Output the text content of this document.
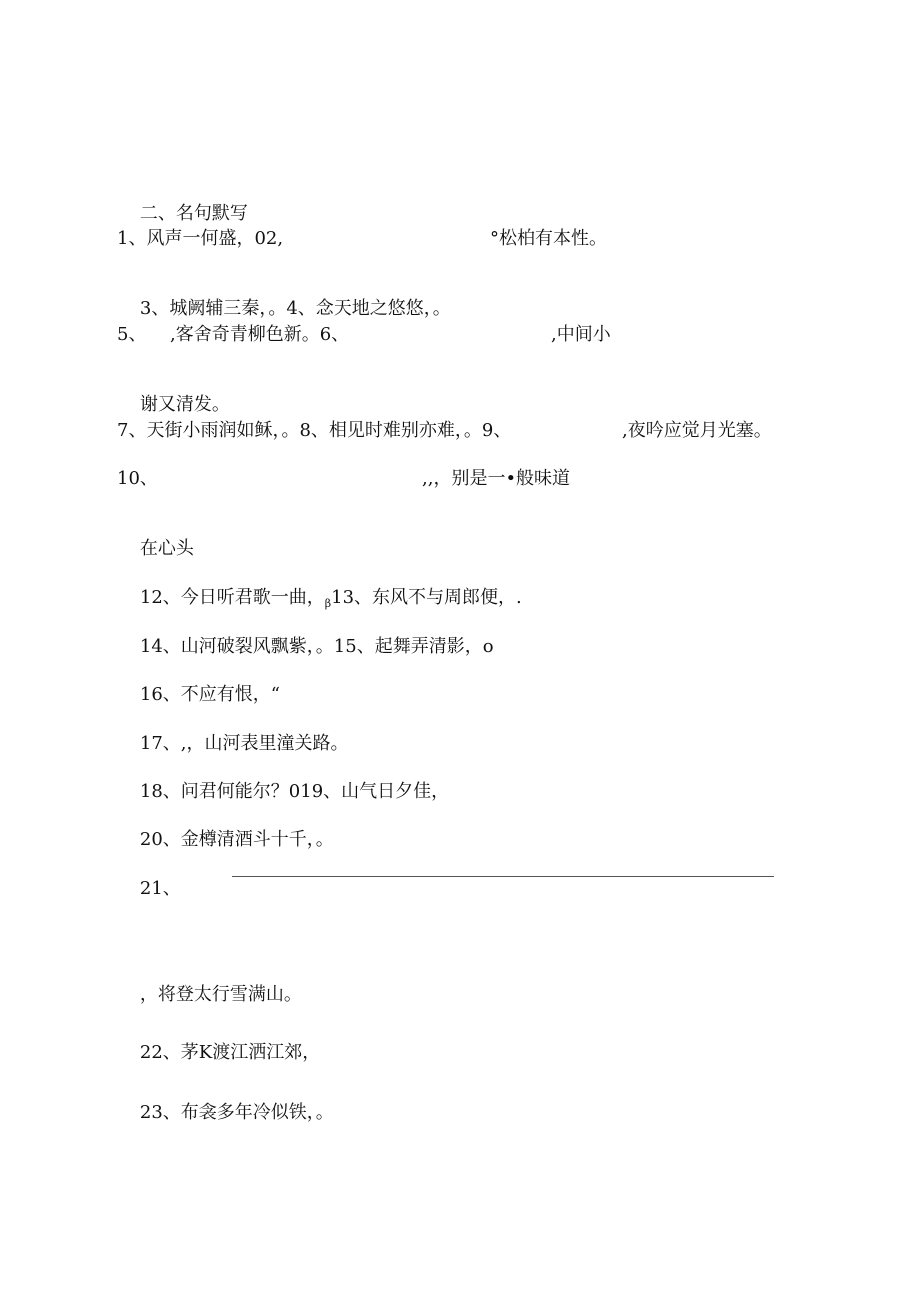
二、名句默写

1、风声一何盛，02,

	°松柏有本性。

3、城阙辅三秦，。4、念天地之悠悠，。

5、

,客舍奇青柳色新。6、

	,中间小

谢又清发。

7、天街小雨润如稣，。8、相见时难别亦难，。9、

	,夜吟应觉月光塞。

10、

	,,，别是一•般味道

在心头

12、今日听君歌一曲，$_\beta$13、东风不与周郎便，.

14、山河破裂风飘紫，。15、起舞弄清影，o

16、不应有恨，“

17、,，山河表里潼关路。

18、问君何能尔？019、山气日夕佳，

20、金樽清酒斗十千，。

21、

，将登太行雪满山。

22、茅K渡江洒江郊，

23、布衾多年冷似铁，。
